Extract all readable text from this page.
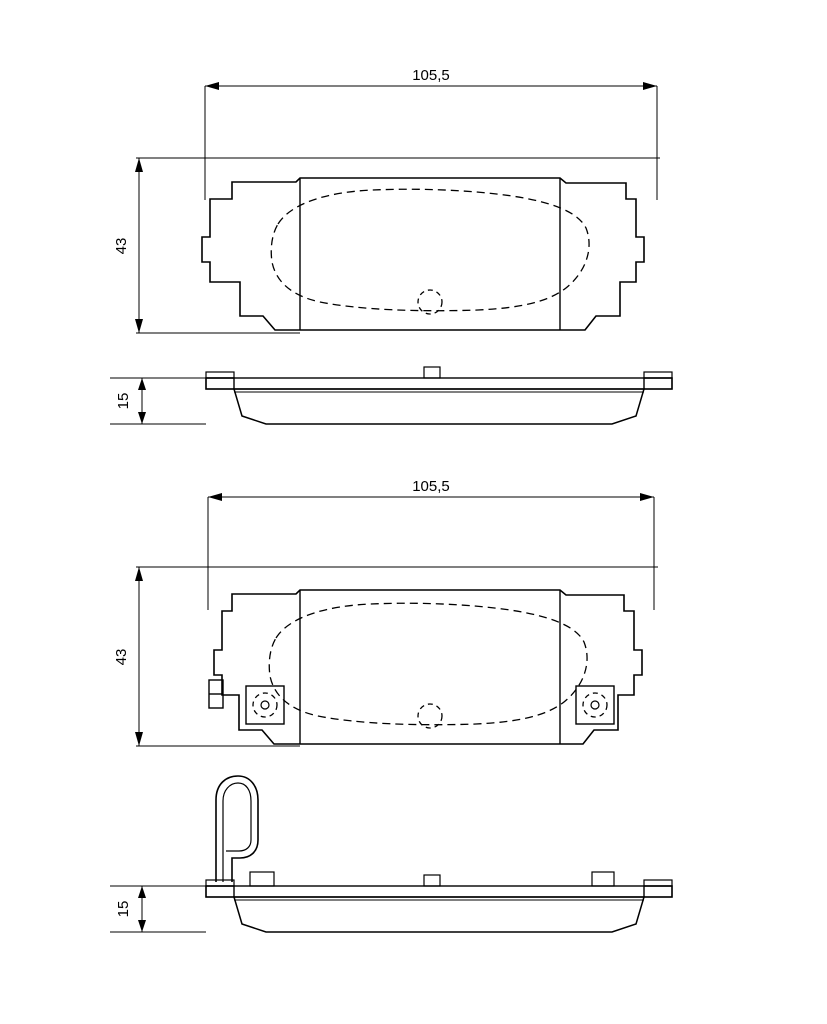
105,5
43
15
105,5
43
15
